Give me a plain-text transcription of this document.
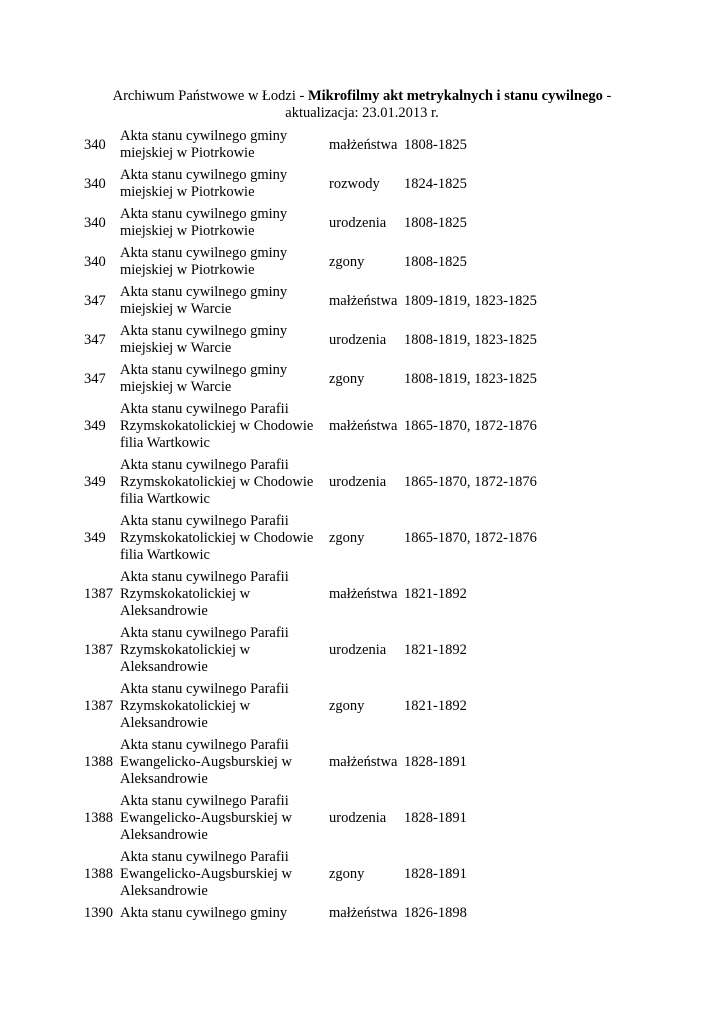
Archiwum Państwowe w Łodzi - Mikrofilmy akt metrykalnych i stanu cywilnego -
aktualizacja: 23.01.2013 r.
340	Akta stanu cywilnego gminy
miejskiej w Piotrkowie	małżeństwa	1808-1825
340	Akta stanu cywilnego gminy
miejskiej w Piotrkowie	rozwody	1824-1825
340	Akta stanu cywilnego gminy
miejskiej w Piotrkowie	urodzenia	1808-1825
340	Akta stanu cywilnego gminy
miejskiej w Piotrkowie	zgony	1808-1825
347	Akta stanu cywilnego gminy
miejskiej w Warcie	małżeństwa	1809-1819, 1823-1825
347	Akta stanu cywilnego gminy
miejskiej w Warcie	urodzenia	1808-1819, 1823-1825
347	Akta stanu cywilnego gminy
miejskiej w Warcie	zgony	1808-1819, 1823-1825
349	Akta stanu cywilnego Parafii
Rzymskokatolickiej w Chodowie
filia Wartkowic	małżeństwa	1865-1870, 1872-1876
349	Akta stanu cywilnego Parafii
Rzymskokatolickiej w Chodowie
filia Wartkowic	urodzenia	1865-1870, 1872-1876
349	Akta stanu cywilnego Parafii
Rzymskokatolickiej w Chodowie
filia Wartkowic	zgony	1865-1870, 1872-1876
1387	Akta stanu cywilnego Parafii
Rzymskokatolickiej w
Aleksandrowie	małżeństwa	1821-1892
1387	Akta stanu cywilnego Parafii
Rzymskokatolickiej w
Aleksandrowie	urodzenia	1821-1892
1387	Akta stanu cywilnego Parafii
Rzymskokatolickiej w
Aleksandrowie	zgony	1821-1892
1388	Akta stanu cywilnego Parafii
Ewangelicko-Augsburskiej w
Aleksandrowie	małżeństwa	1828-1891
1388	Akta stanu cywilnego Parafii
Ewangelicko-Augsburskiej w
Aleksandrowie	urodzenia	1828-1891
1388	Akta stanu cywilnego Parafii
Ewangelicko-Augsburskiej w
Aleksandrowie	zgony	1828-1891
1390	Akta stanu cywilnego gminy	małżeństwa	1826-1898
